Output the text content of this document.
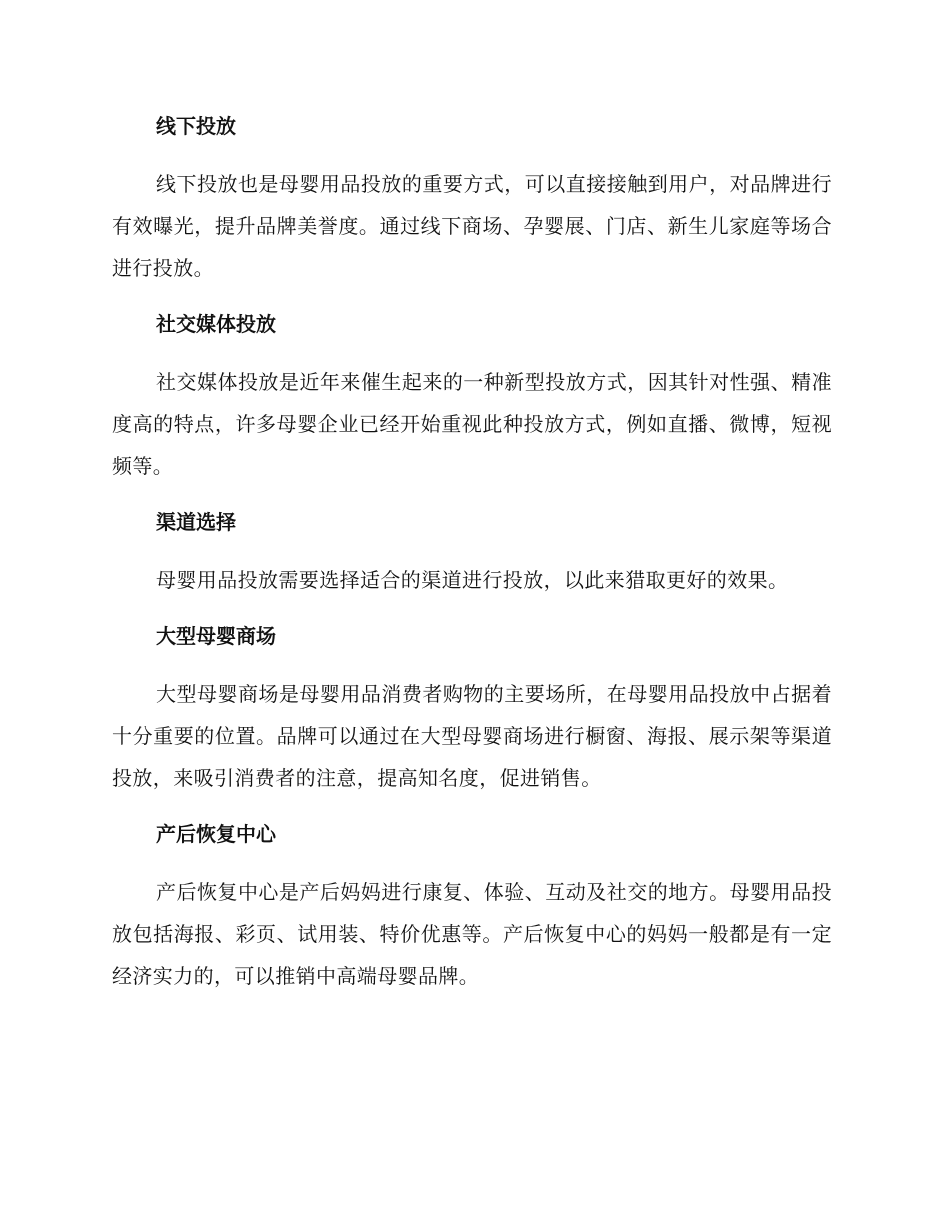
线下投放

线下投放也是母婴用品投放的重要方式，可以直接接触到用户，对品牌进行有效曝光，提升品牌美誉度。通过线下商场、孕婴展、门店、新生儿家庭等场合进行投放。

社交媒体投放

社交媒体投放是近年来催生起来的一种新型投放方式，因其针对性强、精准度高的特点，许多母婴企业已经开始重视此种投放方式，例如直播、微博，短视频等。

渠道选择

母婴用品投放需要选择适合的渠道进行投放，以此来猎取更好的效果。

大型母婴商场

大型母婴商场是母婴用品消费者购物的主要场所，在母婴用品投放中占据着十分重要的位置。品牌可以通过在大型母婴商场进行橱窗、海报、展示架等渠道投放，来吸引消费者的注意，提高知名度，促进销售。

产后恢复中心

产后恢复中心是产后妈妈进行康复、体验、互动及社交的地方。母婴用品投放包括海报、彩页、试用装、特价优惠等。产后恢复中心的妈妈一般都是有一定经济实力的，可以推销中高端母婴品牌。
